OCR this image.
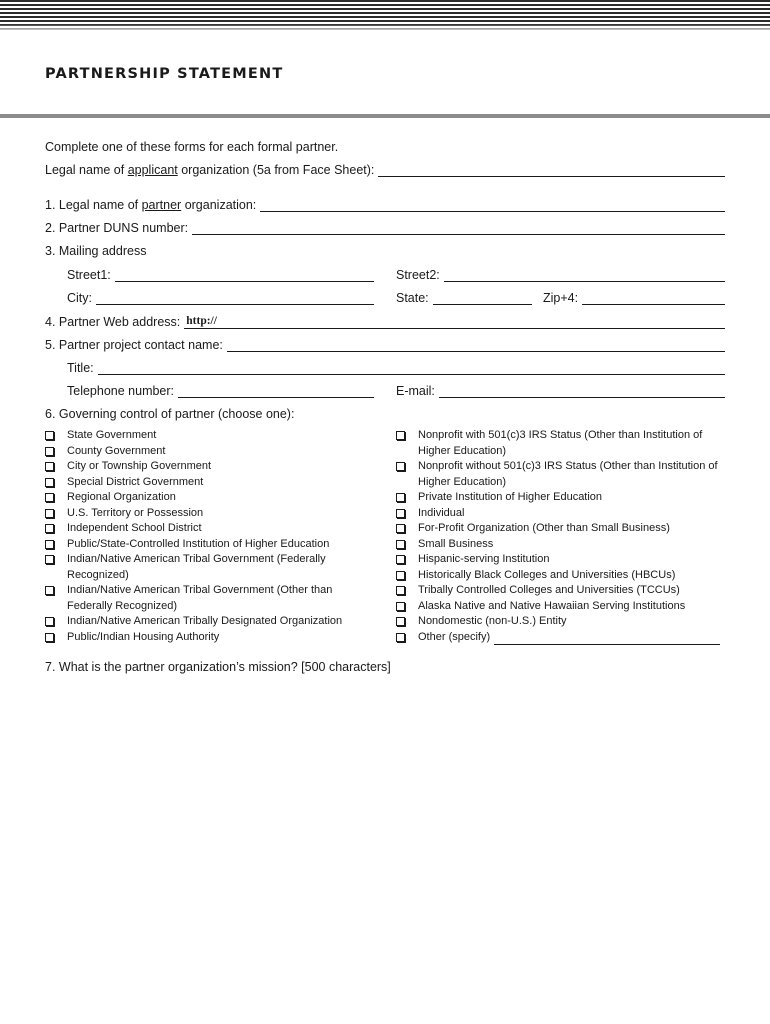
PARTNERSHIP STATEMENT
Complete one of these forms for each formal partner.
Legal name of applicant organization (5a from Face Sheet):
1. Legal name of partner organization:
2. Partner DUNS number:
3. Mailing address
Street1:	Street2:
City:	State:	Zip+4:
4. Partner Web address: http://
5. Partner project contact name:
Title:
Telephone number:	E-mail:
6. Governing control of partner (choose one):
State Government
County Government
City or Township Government
Special District Government
Regional Organization
U.S. Territory or Possession
Independent School District
Public/State-Controlled Institution of Higher Education
Indian/Native American Tribal Government (Federally Recognized)
Indian/Native American Tribal Government (Other than Federally Recognized)
Indian/Native American Tribally Designated Organization
Public/Indian Housing Authority
Nonprofit with 501(c)3 IRS Status (Other than Institution of Higher Education)
Nonprofit without 501(c)3 IRS Status (Other than Institution of Higher Education)
Private Institution of Higher Education
Individual
For-Profit Organization (Other than Small Business)
Small Business
Hispanic-serving Institution
Historically Black Colleges and Universities (HBCUs)
Tribally Controlled Colleges and Universities (TCCUs)
Alaska Native and Native Hawaiian Serving Institutions
Nondomestic (non-U.S.) Entity
Other (specify)
7. What is the partner organization’s mission? [500 characters]
